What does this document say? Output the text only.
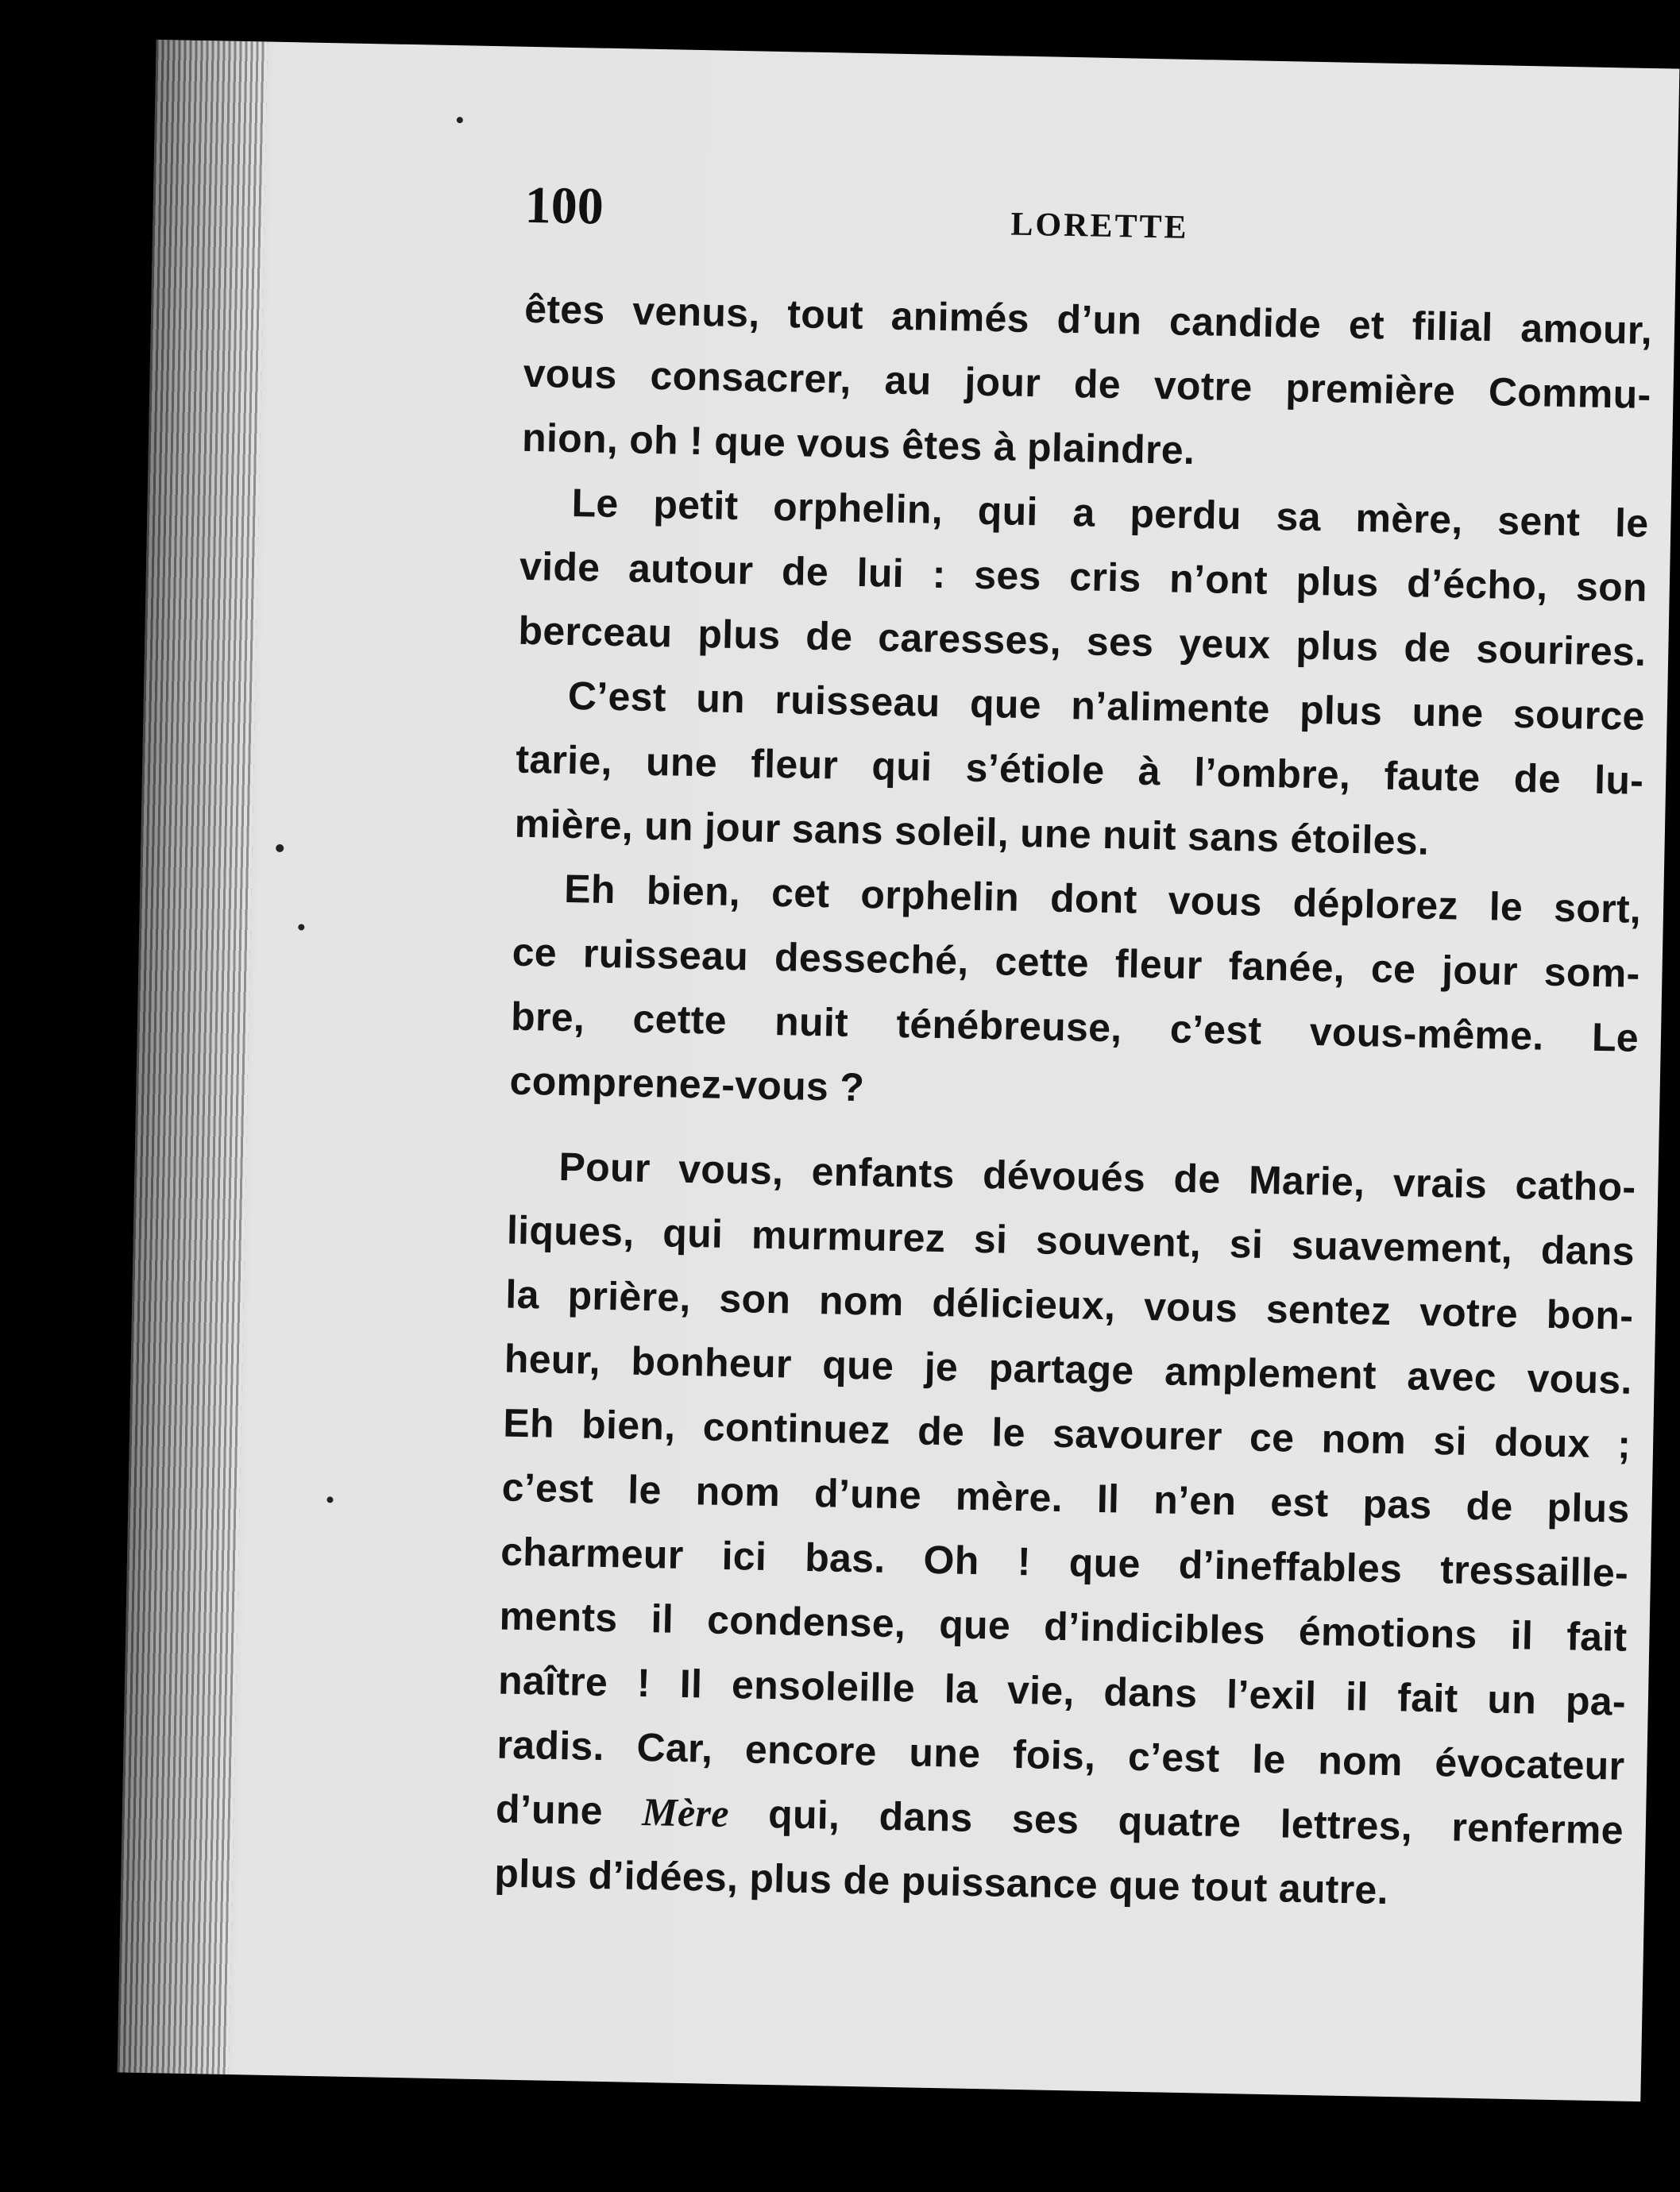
100	LORETTE
êtes venus, tout animés d’un candide et filial amour,
vous consacrer, au jour de votre première Commu-
nion, oh ! que vous êtes à plaindre.
Le petit orphelin, qui a perdu sa mère, sent le
vide autour de lui : ses cris n’ont plus d’écho, son
berceau plus de caresses, ses yeux plus de sourires.
C’est un ruisseau que n’alimente plus une source
tarie, une fleur qui s’étiole à l’ombre, faute de lu-
mière, un jour sans soleil, une nuit sans étoiles.
Eh bien, cet orphelin dont vous déplorez le sort,
ce ruisseau desseché, cette fleur fanée, ce jour som-
bre, cette nuit ténébreuse, c’est vous-même. Le
comprenez-vous ?
Pour vous, enfants dévoués de Marie, vrais catho-
liques, qui murmurez si souvent, si suavement, dans
la prière, son nom délicieux, vous sentez votre bon-
heur, bonheur que je partage amplement avec vous.
Eh bien, continuez de le savourer ce nom si doux ;
c’est le nom d’une mère. Il n’en est pas de plus
charmeur ici bas. Oh ! que d’ineffables tressaille-
ments il condense, que d’indicibles émotions il fait
naître ! Il ensoleille la vie, dans l’exil il fait un pa-
radis. Car, encore une fois, c’est le nom évocateur
d’une Mère qui, dans ses quatre lettres, renferme
plus d’idées, plus de puissance que tout autre.
